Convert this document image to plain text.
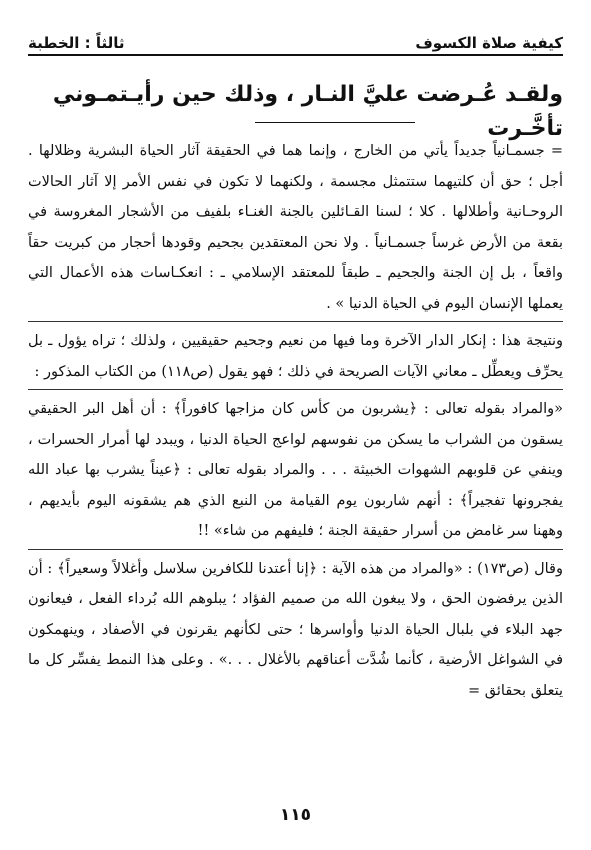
كيفية صلاة الكسوف
ثالثاً : الخطبة
ولقـد عُـرضت عليَّ النـار ، وذلك حين رأيـتمـوني تأخَّـرت

= جسمـانياً جديداً يأتي من الخارج ، وإنما هما في الحقيقة آثار الحياة البشرية وظلالها . أجل ؛ حق أن كلتيهما ستتمثل مجسمة ، ولكنهما لا تكون في نفس الأمر إلا آثار الحالات الروحـانية وأطلالها . كلا ؛ لسنا القـائلين بالجنة الغنـاء بلفيف من الأشجار المغروسة في بقعة من الأرض غرساً جسمـانياً . ولا نحن المعتقدين بجحيم وقودها أحجار من كبريت حقاً واقعاً ، بل إن الجنة والجحيم ـ طبقاً للمعتقد الإسلامي ـ : انعكـاسات هذه الأعمال التي يعملها الإنسان اليوم في الحياة الدنيا » .

ونتيجة هذا : إنكار الدار الآخرة وما فيها من نعيم وجحيم حقيقيين ، ولذلك ؛ تراه يؤول ـ بل يحرِّف ويعطِّل ـ معاني الآيات الصريحة في ذلك ؛ فهو يقول (ص١١٨) من الكتاب المذكور :

«والمراد بقوله تعالى : ﴿يشربون من كأس كان مزاجها كافوراً﴾ : أن أهل البر الحقيقي يسقون من الشراب ما يسكن من نفوسهم لواعج الحياة الدنيا ، ويبدد لها أمرار الحسرات ، وينفي عن قلوبهم الشهوات الخبيثة . . . والمراد بقوله تعالى : ﴿عيناً يشرب بها عباد الله يفجرونها تفجيراً﴾ : أنهم شاربون يوم القيامة من النبع الذي هم يشقونه اليوم بأيديهم ، وههنا سر غامض من أسرار حقيقة الجنة ؛ فليفهم من شاء» !!

وقال (ص١٧٣) : «والمراد من هذه الآية : ﴿إنا أعتدنا للكافرين سلاسل وأغلالاً وسعيراً﴾ : أن الذين يرفضون الحق ، ولا يبغون الله من صميم الفؤاد ؛ يبلوهم الله بُرداء الفعل ، فيعانون جهد البلاء في بلبال الحياة الدنيا وأواسرها ؛ حتى لكأنهم يقرنون في الأصفاد ، وينهمكون في الشواغل الأرضية ، كأنما شُدَّت أعناقهم بالأغلال . . .» . وعلى هذا النمط يفسِّر كل ما يتعلق بحقائق =

١١٥
